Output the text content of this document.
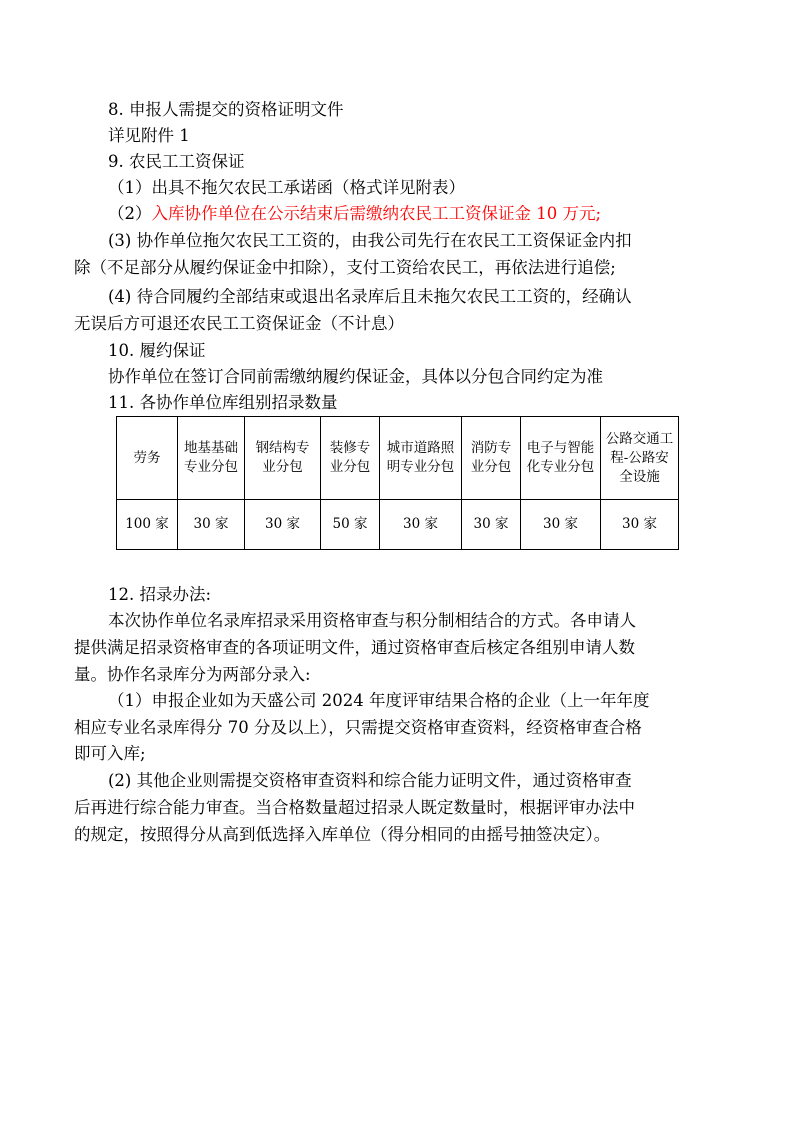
8. 申报人需提交的资格证明文件
详见附件 1
9. 农民工工资保证
（1）出具不拖欠农民工承诺函（格式详见附表）
（2）入库协作单位在公示结束后需缴纳农民工工资保证金 10 万元;
(3) 协作单位拖欠农民工工资的，由我公司先行在农民工工资保证金内扣
除（不足部分从履约保证金中扣除），支付工资给农民工，再依法进行追偿;
(4) 待合同履约全部结束或退出名录库后且未拖欠农民工工资的，经确认
无误后方可退还农民工工资保证金（不计息）
10. 履约保证
协作单位在签订合同前需缴纳履约保证金，具体以分包合同约定为准
11. 各协作单位库组别招录数量
劳务	地基基础专业分包	钢结构专业分包	装修专业分包	城市道路照明专业分包	消防专业分包	电子与智能化专业分包	公路交通工程-公路安全设施
100 家	30 家	30 家	50 家	30 家	30 家	30 家	30 家
12. 招录办法:
本次协作单位名录库招录采用资格审查与积分制相结合的方式。各申请人
提供满足招录资格审查的各项证明文件，通过资格审查后核定各组别申请人数
量。协作名录库分为两部分录入:
（1）申报企业如为天盛公司 2024 年度评审结果合格的企业（上一年年度
相应专业名录库得分 70 分及以上），只需提交资格审查资料，经资格审查合格
即可入库;
(2) 其他企业则需提交资格审查资料和综合能力证明文件，通过资格审查
后再进行综合能力审查。当合格数量超过招录人既定数量时，根据评审办法中
的规定，按照得分从高到低选择入库单位（得分相同的由摇号抽签决定）。
